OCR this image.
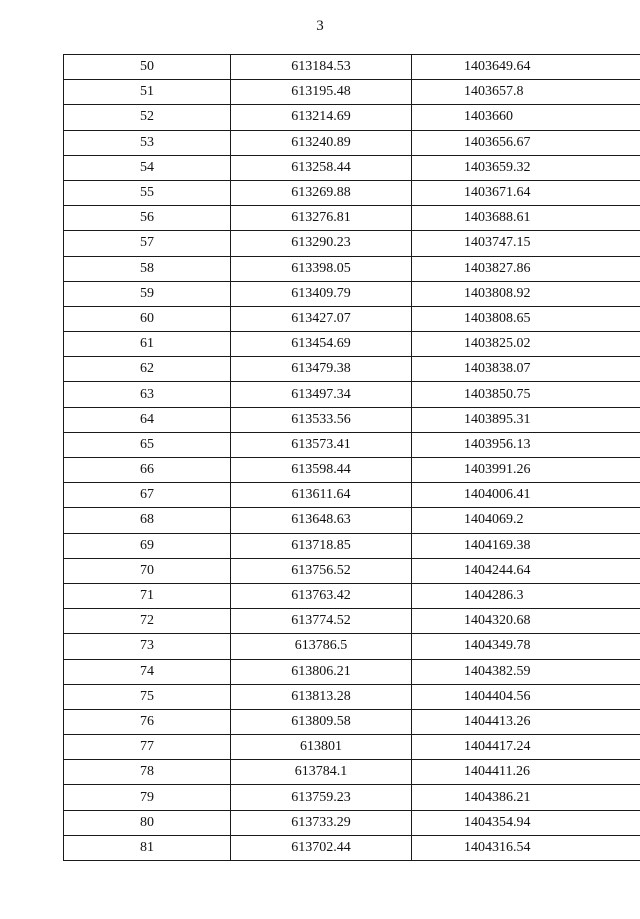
3
50	613184.53	1403649.64
51	613195.48	1403657.8
52	613214.69	1403660
53	613240.89	1403656.67
54	613258.44	1403659.32
55	613269.88	1403671.64
56	613276.81	1403688.61
57	613290.23	1403747.15
58	613398.05	1403827.86
59	613409.79	1403808.92
60	613427.07	1403808.65
61	613454.69	1403825.02
62	613479.38	1403838.07
63	613497.34	1403850.75
64	613533.56	1403895.31
65	613573.41	1403956.13
66	613598.44	1403991.26
67	613611.64	1404006.41
68	613648.63	1404069.2
69	613718.85	1404169.38
70	613756.52	1404244.64
71	613763.42	1404286.3
72	613774.52	1404320.68
73	613786.5	1404349.78
74	613806.21	1404382.59
75	613813.28	1404404.56
76	613809.58	1404413.26
77	613801	1404417.24
78	613784.1	1404411.26
79	613759.23	1404386.21
80	613733.29	1404354.94
81	613702.44	1404316.54
